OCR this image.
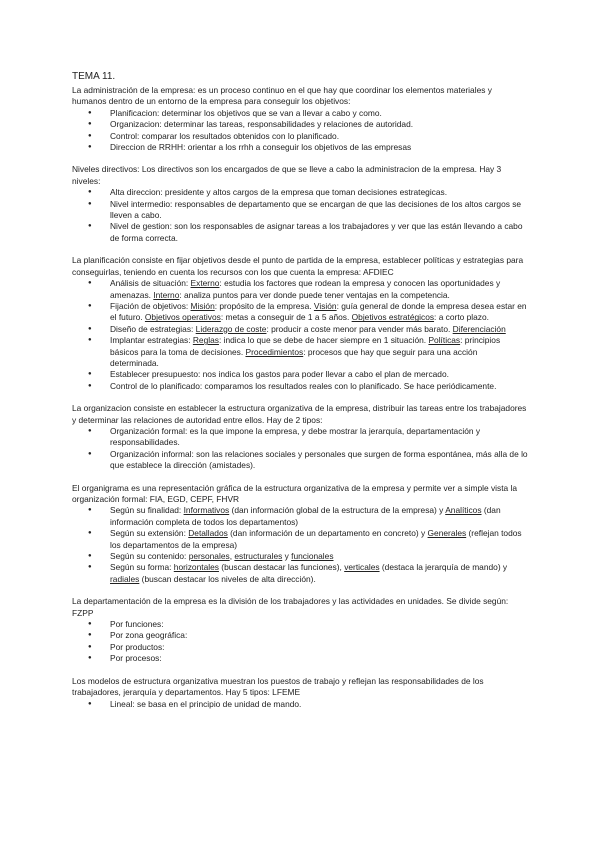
TEMA 11.

La administración de la empresa: es un proceso continuo en el que hay que coordinar los elementos materiales y humanos dentro de un entorno de la empresa para conseguir los objetivos:

● Planificacion: determinar los objetivos que se van a llevar a cabo y como.
● Organizacion: determinar las tareas, responsabilidades y relaciones de autoridad.
● Control: comparar los resultados obtenidos con lo planificado.
● Direccion de RRHH: orientar a los rrhh a conseguir los objetivos de las empresas

Niveles directivos: Los directivos son los encargados de que se lleve a cabo la administracion de la empresa. Hay 3 niveles:

● Alta direccion: presidente y altos cargos de la empresa que toman decisiones estrategicas.
● Nivel intermedio: responsables de departamento que se encargan de que las decisiones de los altos cargos se lleven a cabo.
● Nivel de gestion: son los responsables de asignar tareas a los trabajadores y ver que las están llevando a cabo de forma correcta.

La planificación consiste en fijar objetivos desde el punto de partida de la empresa, establecer políticas y estrategias para conseguirlas, teniendo en cuenta los recursos con los que cuenta la empresa: AFDIEC

● Análisis de situación: Externo: estudia los factores que rodean la empresa y conocen las oportunidades y amenazas. Interno: analiza puntos para ver donde puede tener ventajas en la competencia.
● Fijación de objetivos: Misión: propósito de la empresa. Visión: guía general de donde la empresa desea estar en el futuro. Objetivos operativos: metas a conseguir de 1 a 5 años. Objetivos estratégicos: a corto plazo.
● Diseño de estrategias: Liderazgo de coste: producir a coste menor para vender más barato. Diferenciación
● Implantar estrategias: Reglas: indica lo que se debe de hacer siempre en 1 situación. Políticas: principios básicos para la toma de decisiones. Procedimientos: procesos que hay que seguir para una acción determinada.
● Establecer presupuesto: nos indica los gastos para poder llevar a cabo el plan de mercado.
● Control de lo planificado: comparamos los resultados reales con lo planificado. Se hace periódicamente.

La organizacion consiste en establecer la estructura organizativa de la empresa, distribuir las tareas entre los trabajadores y determinar las relaciones de autoridad entre ellos. Hay de 2 tipos:

● Organización formal: es la que impone la empresa, y debe mostrar la jerarquía, departamentación y responsabilidades.
● Organización informal: son las relaciones sociales y personales que surgen de forma espontánea, más alla de lo que establece la dirección (amistades).

El organigrama es una representación gráfica de la estructura organizativa de la empresa y permite ver a simple vista la organización formal: FIA, EGD, CEPF, FHVR

● Según su finalidad: Informativos (dan información global de la estructura de la empresa) y Analíticos (dan información completa de todos los departamentos)
● Según su extensión: Detallados (dan información de un departamento en concreto) y Generales (reflejan todos los departamentos de la empresa)
● Según su contenido: personales, estructurales y funcionales
● Según su forma: horizontales (buscan destacar las funciones), verticales (destaca la jerarquía de mando) y radiales (buscan destacar los niveles de alta dirección).

La departamentación de la empresa es la división de los trabajadores y las actividades en unidades. Se divide según: FZPP

● Por funciones:
● Por zona geográfica:
● Por productos:
● Por procesos:

Los modelos de estructura organizativa muestran los puestos de trabajo y reflejan las responsabilidades de los trabajadores, jerarquía y departamentos. Hay 5 tipos: LFEME

● Lineal: se basa en el principio de unidad de mando.
